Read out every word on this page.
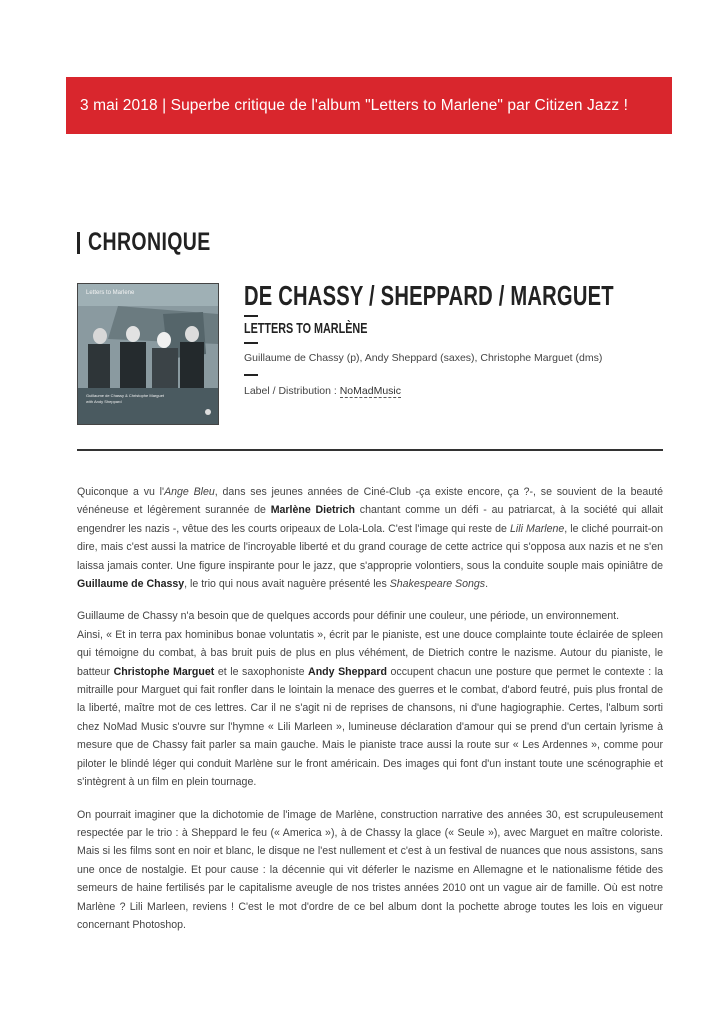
3 mai 2018 | Superbe critique de l'album "Letters to Marlene" par Citizen Jazz !
CHRONIQUE
Letters to Marlene
Guillaume de Chassy & Christophe Marguet
with Andy Sheppard
DE CHASSY / SHEPPARD / MARGUET
LETTERS TO MARLÈNE
Guillaume de Chassy (p), Andy Sheppard (saxes), Christophe Marguet (dms)
Label / Distribution : NoMadMusic

Quiconque a vu l'Ange Bleu, dans ses jeunes années de Ciné-Club -ça existe encore, ça ?-, se souvient de la beauté vénéneuse et légèrement surannée de Marlène Dietrich chantant comme un défi - au patriarcat, à la société qui allait engendrer les nazis -, vêtue des les courts oripeaux de Lola-Lola. C'est l'image qui reste de Lili Marlene, le cliché pourrait-on dire, mais c'est aussi la matrice de l'incroyable liberté et du grand courage de cette actrice qui s'opposa aux nazis et ne s'en laissa jamais conter. Une figure inspirante pour le jazz, que s'approprie volontiers, sous la conduite souple mais opiniâtre de Guillaume de Chassy, le trio qui nous avait naguère présenté les Shakespeare Songs.

Guillaume de Chassy n'a besoin que de quelques accords pour définir une couleur, une période, un environnement.
Ainsi, « Et in terra pax hominibus bonae voluntatis », écrit par le pianiste, est une douce complainte toute éclairée de spleen qui témoigne du combat, à bas bruit puis de plus en plus véhément, de Dietrich contre le nazisme. Autour du pianiste, le batteur Christophe Marguet et le saxophoniste Andy Sheppard occupent chacun une posture que permet le contexte : la mitraille pour Marguet qui fait ronfler dans le lointain la menace des guerres et le combat, d'abord feutré, puis plus frontal de la liberté, maître mot de ces lettres. Car il ne s'agit ni de reprises de chansons, ni d'une hagiographie. Certes, l'album sorti chez NoMad Music s'ouvre sur l'hymne « Lili Marleen », lumineuse déclaration d'amour qui se prend d'un certain lyrisme à mesure que de Chassy fait parler sa main gauche. Mais le pianiste trace aussi la route sur « Les Ardennes », comme pour piloter le blindé léger qui conduit Marlène sur le front américain. Des images qui font d'un instant toute une scénographie et s'intègrent à un film en plein tournage.

On pourrait imaginer que la dichotomie de l'image de Marlène, construction narrative des années 30, est scrupuleusement respectée par le trio : à Sheppard le feu (« America »), à de Chassy la glace (« Seule »), avec Marguet en maître coloriste. Mais si les films sont en noir et blanc, le disque ne l'est nullement et c'est à un festival de nuances que nous assistons, sans une once de nostalgie. Et pour cause : la décennie qui vit déferler le nazisme en Allemagne et le nationalisme fétide des semeurs de haine fertilisés par le capitalisme aveugle de nos tristes années 2010 ont un vague air de famille. Où est notre Marlène ? Lili Marleen, reviens ! C'est le mot d'ordre de ce bel album dont la pochette abroge toutes les lois en vigueur concernant Photoshop.
